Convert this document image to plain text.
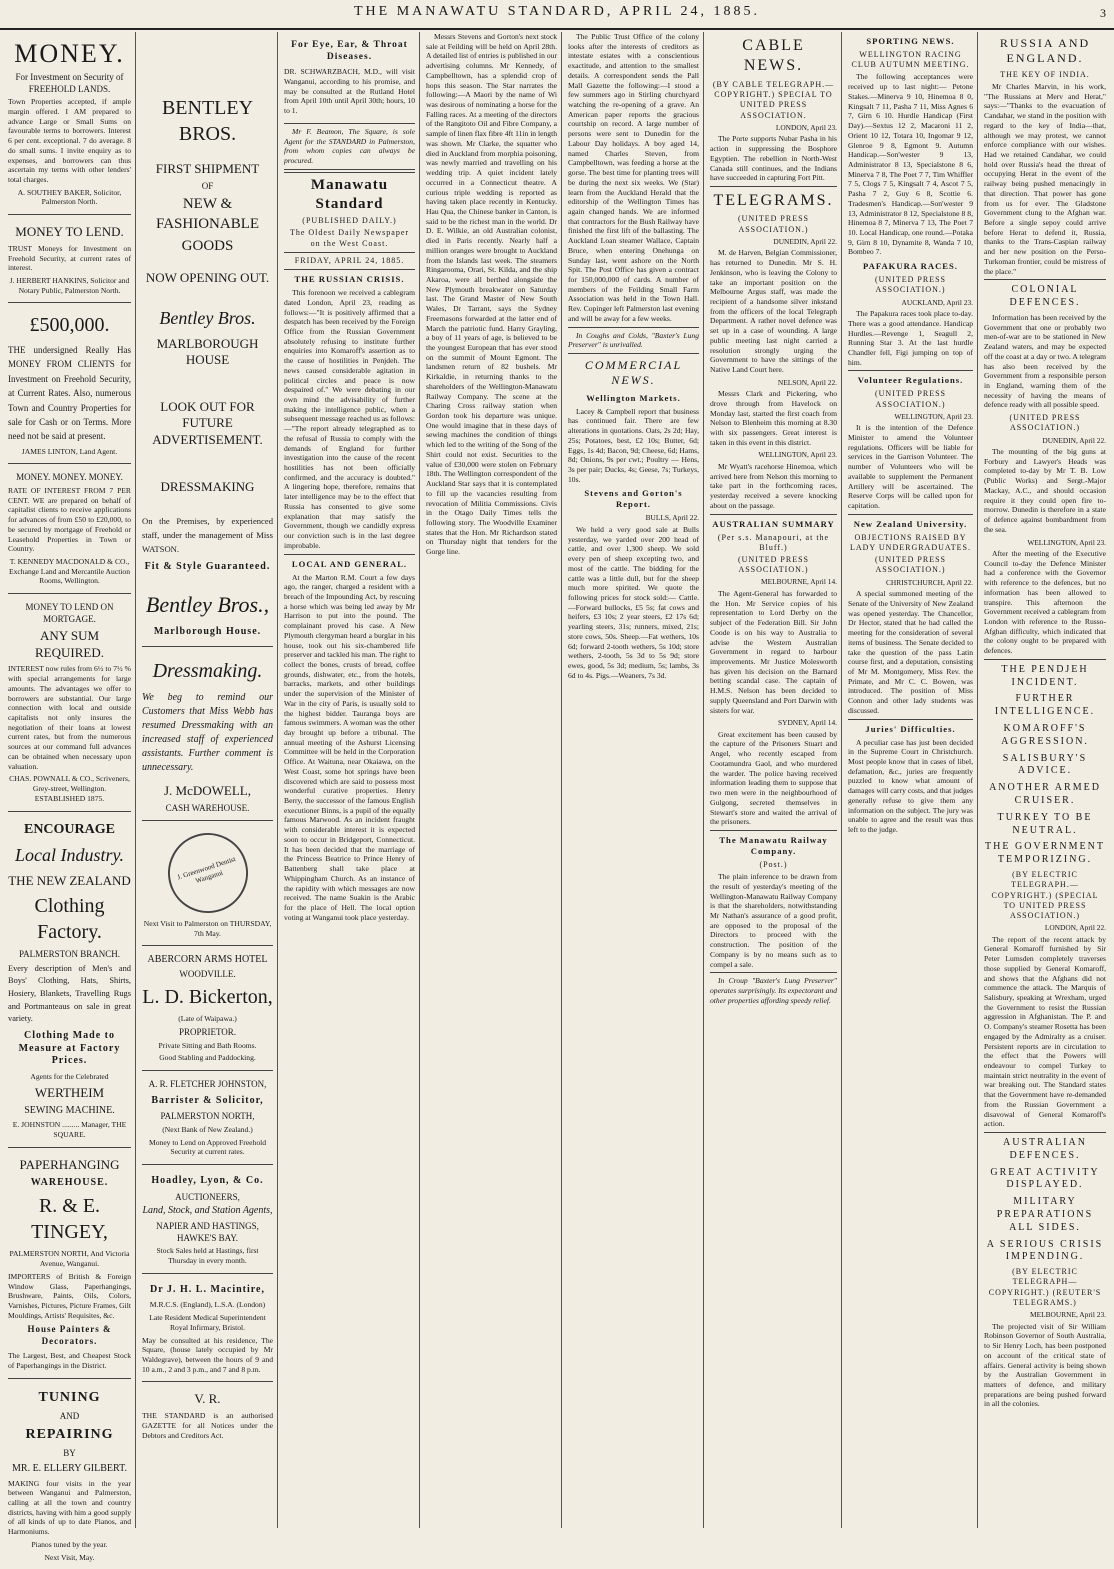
THE MANAWATU STANDARD, APRIL 24, 1885.	3
MONEY.

For Investment on Security of FREEHOLD LANDS.

Town Properties accepted, if ample margin offered. I AM prepared to advance Large or Small Sums on favourable terms to borrowers. Interest 6 per cent. exceptional. 7 do average. 8 do small sums. I invite enquiry as to expenses, and borrowers can thus ascertain my terms with other lenders' total charges.

A. SOUTHEY BAKER, Solicitor, Palmerston North.

MONEY TO LEND.

TRUST Moneys for Investment on Freehold Security, at current rates of interest.

J. HERBERT HANKINS, Solicitor and Notary Public, Palmerston North.

£500,000.

THE undersigned Really Has MONEY FROM CLIENTS for Investment on Freehold Security, at Current Rates. Also, numerous Town and Country Properties for sale for Cash or on Terms. More need not be said at present.

JAMES LINTON, Land Agent.

MONEY. MONEY. MONEY.

RATE OF INTEREST FROM 7 PER CENT. WE are prepared on behalf of capitalist clients to receive applications for advances of from £50 to £20,000, to be secured by mortgage of Freehold or Leasehold Properties in Town or Country.

T. KENNEDY MACDONALD & CO., Exchange Land and Mercantile Auction Rooms, Wellington.

MONEY TO LEND ON MORTGAGE.
ANY SUM REQUIRED.

INTEREST now rules from 6½ to 7½ % with special arrangements for large amounts. The advantages we offer to borrowers are substantial. Our large connection with local and outside capitalists not only insures the negotiation of their loans at lowest current rates, but from the numerous sources at our command full advances can be obtained when necessary upon valuation.

CHAS. POWNALL & CO., Scriveners, Grey-street, Wellington. ESTABLISHED 1875.

ENCOURAGE
Local Industry.
THE NEW ZEALAND
Clothing Factory.
PALMERSTON BRANCH.

Every description of Men's and Boys' Clothing, Hats, Shirts, Hosiery, Blankets, Travelling Rugs and Portmanteaus on sale in great variety.

Clothing Made to Measure at Factory Prices.

Agents for the Celebrated

WERTHEIM
SEWING MACHINE.

E. JOHNSTON ......... Manager, THE SQUARE.

PAPERHANGING
WAREHOUSE.
R. & E. TINGEY,

PALMERSTON NORTH, And Victoria Avenue, Wanganui.

IMPORTERS of British & Foreign Window Glass, Paperhangings, Brushware, Paints, Oils, Colors, Varnishes, Pictures, Picture Frames, Gilt Mouldings, Artists' Requisites, &c.

House Painters & Decorators.

The Largest, Best, and Cheapest Stock of Paperhangings in the District.

TUNING
AND
REPAIRING
BY
MR. E. ELLERY GILBERT.

MAKING four visits in the year between Wanganui and Palmerston, calling at all the town and country districts, having with him a good supply of all kinds of up to date Pianos, and Harmoniums.

Pianos tuned by the year.

Next Visit, May.

BENTLEY BROS.
FIRST SHIPMENT
OF
NEW & FASHIONABLE
GOODS
NOW OPENING OUT.
Bentley Bros.
MARLBOROUGH HOUSE
LOOK OUT FOR FUTURE ADVERTISEMENT.
DRESSMAKING

On the Premises, by experienced staff, under the management of Miss WATSON.

Fit & Style Guaranteed.
Bentley Bros.,
Marlborough House.
Dressmaking.

We beg to remind our Customers that Miss Webb has resumed Dressmaking with an increased staff of experienced assistants. Further comment is unnecessary.

J. McDOWELL,
CASH WAREHOUSE.
J. Greenwood Dentist Wanganui

Next Visit to Palmerston on THURSDAY, 7th May.

ABERCORN ARMS HOTEL
WOODVILLE.
L. D. Bickerton,

(Late of Waipawa.)

PROPRIETOR.

Private Sitting and Bath Rooms.

Good Stabling and Paddocking.

A. R. FLETCHER JOHNSTON,
Barrister & Solicitor,
PALMERSTON NORTH,

(Next Bank of New Zealand.)

Money to Lend on Approved Freehold Security at current rates.

Hoadley, Lyon, & Co.
AUCTIONEERS,

Land, Stock, and Station Agents,

NAPIER AND HASTINGS, HAWKE'S BAY.

Stock Sales held at Hastings, first Thursday in every month.

Dr J. H. L. Macintire,

M.R.C.S. (England), L.S.A. (London)

Late Resident Medical Superintendent Royal Infirmary, Bristol.

May be consulted at his residence, The Square, (house lately occupied by Mr Waldegrave), between the hours of 9 and 10 a.m., 2 and 3 p.m., and 7 and 8 p.m.

V. R.

THE STANDARD is an authorised GAZETTE for all Notices under the Debtors and Creditors Act.

For Eye, Ear, & Throat Diseases.

DR. SCHWARZBACH, M.D., will visit Wanganui, according to his promise, and may be consulted at the Rutland Hotel from April 10th until April 30th; hours, 10 to 1.

Mr F. Beamon, The Square, is sole Agent for the STANDARD in Palmerston, from whom copies can always be procured.

Manawatu Standard
(PUBLISHED DAILY.)
The Oldest Daily Newspaper on the West Coast.
FRIDAY, APRIL 24, 1885.
THE RUSSIAN CRISIS.

This forenoon we received a cablegram dated London, April 23, reading as follows:—"It is positively affirmed that a despatch has been received by the Foreign Office from the Russian Government absolutely refusing to institute further enquiries into Komaroff's assertion as to the cause of hostilities in Penjdeh. The news caused considerable agitation in political circles and peace is now despaired of." We were debating in our own mind the advisability of further making the intelligence public, when a subsequent message reached us as follows:—"The report already telegraphed as to the refusal of Russia to comply with the demands of England for further investigation into the cause of the recent hostilities has not been officially confirmed, and the accuracy is doubted." A lingering hope, therefore, remains that later intelligence may be to the effect that Russia has consented to give some explanation that may satisfy the Government, though we candidly express our conviction such is in the last degree improbable.

LOCAL AND GENERAL.

At the Marton R.M. Court a few days ago, the ranger, charged a resident with a breach of the Impounding Act, by rescuing a horse which was being led away by Mr Harrison to put into the pound. The complainant proved his case. A New Plymouth clergyman heard a burglar in his house, took out his six-chambered life preserver and tackled his man. The right to collect the bones, crusts of bread, coffee grounds, dishwater, etc., from the hotels, barracks, markets, and other buildings under the supervision of the Minister of War in the city of Paris, is usually sold to the highest bidder. Tauranga boys are famous swimmers. A woman was the other day brought up before a tribunal. The annual meeting of the Ashurst Licensing Committee will be held in the Corporation Office. At Waituna, near Okaiawa, on the West Coast, some hot springs have been discovered which are said to possess most wonderful curative properties. Henry Berry, the successor of the famous English executioner Binns, is a pupil of the equally famous Marwood. As an incident fraught with considerable interest it is expected soon to occur in Bridgeport, Connecticut. It has been decided that the marriage of the Princess Beatrice to Prince Henry of Battenberg shall take place at Whippingham Church. As an instance of the rapidity with which messages are now received. The name Suakin is the Arabic for the place of Hell. The local option voting at Wanganui took place yesterday.

Messrs Stevens and Gorton's next stock sale at Feilding will be held on April 28th. A detailed list of entries is published in our advertising columns. Mr Kennedy, of Campbelltown, has a splendid crop of hops this season. The Star narrates the following:—A Maori by the name of Wi was desirous of nominating a horse for the Falling races. At a meeting of the directors of the Rangitoto Oil and Fibre Company, a sample of linen flax fibre 4ft 11in in length was shown. Mr Clarke, the squatter who died in Auckland from morphia poisoning, was newly married and travelling on his wedding trip. A quiet incident lately occurred in a Connecticut theatre. A curious triple wedding is reported as having taken place recently in Kentucky. Hau Qua, the Chinese banker in Canton, is said to be the richest man in the world. Dr D. E. Wilkie, an old Australian colonist, died in Paris recently. Nearly half a million oranges were brought to Auckland from the Islands last week. The steamers Ringarooma, Orari, St. Kilda, and the ship Akaroa, were all berthed alongside the New Plymouth breakwater on Saturday last. The Grand Master of New South Wales, Dr Tarrant, says the Sydney Freemasons forwarded at the latter end of March the patriotic fund. Harry Grayling, a boy of 11 years of age, is believed to be the youngest European that has ever stood on the summit of Mount Egmont. The landsmen return of 82 bushels. Mr Kirkaldie, in returning thanks to the shareholders of the Wellington-Manawatu Railway Company. The scene at the Charing Cross railway station when Gordon took his departure was unique. One would imagine that in these days of sewing machines the condition of things which led to the writing of the Song of the Shirt could not exist. Securities to the value of £30,000 were stolen on February 18th. The Wellington correspondent of the Auckland Star says that it is contemplated to fill up the vacancies resulting from revocation of Militia Commissions. Civis in the Otago Daily Times tells the following story. The Woodville Examiner states that the Hon. Mr Richardson stated on Thursday night that tenders for the Gorge line.

The Public Trust Office of the colony looks after the interests of creditors as intestate estates with a conscientious exactitude, and attention to the smallest details. A correspondent sends the Pall Mall Gazette the following:—I stood a few summers ago in Stirling churchyard watching the re-opening of a grave. An American paper reports the gracious courtship on record. A large number of persons were sent to Dunedin for the Labour Day holidays. A boy aged 14, named Charles Steven, from Campbelltown, was feeding a horse at the gorse. The best time for planting trees will be during the next six weeks. We (Star) learn from the Auckland Herald that the editorship of the Wellington Times has again changed hands. We are informed that contractors for the Bush Railway have finished the first lift of the ballasting. The Auckland Loan steamer Wallace, Captain Bruce, when entering Onehunga on Sunday last, went ashore on the North Spit. The Post Office has given a contract for 150,000,000 of cards. A number of members of the Feilding Small Farm Association was held in the Town Hall. Rev. Copinger left Palmerston last evening and will be away for a few weeks.

In Coughs and Colds, "Baxter's Lung Preserver" is unrivalled.

COMMERCIAL NEWS.
Wellington Markets.

Lacey & Campbell report that business has continued fair. There are few alterations in quotations. Oats, 2s 2d; Hay, 25s; Potatoes, best, £2 10s; Butter, 6d; Eggs, 1s 4d; Bacon, 9d; Cheese, 6d; Hams, 8d; Onions, 9s per cwt.; Poultry — Hens, 3s per pair; Ducks, 4s; Geese, 7s; Turkeys, 10s.

Stevens and Gorton's Report.
BULLS, April 22.

We held a very good sale at Bulls yesterday, we yarded over 200 head of cattle, and over 1,300 sheep. We sold every pen of sheep excepting two, and most of the cattle. The bidding for the cattle was a little dull, but for the sheep much more spirited. We quote the following prices for stock sold:— Cattle.—Forward bullocks, £5 5s; fat cows and heifers, £3 10s; 2 year steers, £2 17s 6d; yearling steers, 31s; runners, mixed, 21s; store cows, 50s. Sheep.—Fat wethers, 10s 6d; forward 2-tooth wethers, 5s 10d; store wethers, 2-tooth, 5s 3d to 5s 9d; store ewes, good, 5s 3d; medium, 5s; lambs, 3s 6d to 4s. Pigs.—Weaners, 7s 3d.

CABLE NEWS.
(BY CABLE TELEGRAPH.—COPYRIGHT.) SPECIAL TO UNITED PRESS ASSOCIATION.
LONDON, April 23.

The Porte supports Nubar Pasha in his action in suppressing the Bosphore Egyptien. The rebellion in North-West Canada still continues, and the Indians have succeeded in capturing Fort Pitt.

TELEGRAMS.
(UNITED PRESS ASSOCIATION.)
DUNEDIN, April 22.

M. de Harven, Belgian Commissioner, has returned to Dunedin. Mr S. H. Jenkinson, who is leaving the Colony to take an important position on the Melbourne Argus staff, was made the recipient of a handsome silver inkstand from the officers of the local Telegraph Department. A rather novel defence was set up in a case of wounding. A large public meeting last night carried a resolution strongly urging the Government to have the sittings of the Native Land Court here.

NELSON, April 22.

Messrs Clark and Pickering, who drove through from Havelock on Monday last, started the first coach from Nelson to Blenheim this morning at 8.30 with six passengers. Great interest is taken in this event in this district.

WELLINGTON, April 23.

Mr Wyatt's racehorse Hinemoa, which arrived here from Nelson this morning to take part in the forthcoming races, yesterday received a severe knocking about on the passage.

AUSTRALIAN SUMMARY
(Per s.s. Manapouri, at the Bluff.)
(UNITED PRESS ASSOCIATION.)
MELBOURNE, April 14.

The Agent-General has forwarded to the Hon. Mr Service copies of his representation to Lord Derby on the subject of the Federation Bill. Sir John Coode is on his way to Australia to advise the Western Australian Government in regard to harbour improvements. Mr Justice Molesworth has given his decision on the Barnard betting scandal case. The captain of H.M.S. Nelson has been decided to supply Queensland and Port Darwin with sisters for war.

SYDNEY, April 14.

Great excitement has been caused by the capture of the Prisoners Stuart and Angel, who recently escaped from Cootamundra Gaol, and who murdered the warder. The police having received information leading them to suppose that two men were in the neighbourhood of Gulgong, secreted themselves in Stewart's store and waited the arrival of the prisoners.

The Manawatu Railway Company.
(Post.)

The plain inference to be drawn from the result of yesterday's meeting of the Wellington-Manawatu Railway Company is that the shareholders, notwithstanding Mr Nathan's assurance of a good profit, are opposed to the proposal of the Directors to proceed with the construction. The position of the Company is by no means such as to compel a sale.

In Croup "Baxter's Lung Preserver" operates surprisingly. Its expectorant and other properties affording speedy relief.

SPORTING NEWS.
WELLINGTON RACING CLUB AUTUMN MEETING.

The following acceptances were received up to last night:— Petone Stakes.—Minerva 9 10, Hinemoa 8 0, Kingsalt 7 11, Pasha 7 11, Miss Agnes 6 7, Girn 6 10. Hurdle Handicap (First Day).—Sextus 12 2, Macaroni 11 2, Orient 10 12, Totara 10, Ingomar 9 12, Glenroe 9 8, Egmont 9. Autumn Handicap.—Son'wester 9 13, Administrator 8 13, Specialstone 8 6, Minerva 7 8, The Poet 7 7, Tim Whiffler 7 5, Clogs 7 5, Kingsalt 7 4, Ascot 7 5, Pasha 7 2, Guy 6 8, Scottie 6. Tradesmen's Handicap.—Son'wester 9 13, Administrator 8 12, Specialstone 8 8, Hinemoa 8 7, Minerva 7 13, The Poet 7 10. Local Handicap, one round.—Potaka 9, Girn 8 10, Dynamite 8, Wanda 7 10, Bombeo 7.

PAFAKURA RACES.
(UNITED PRESS ASSOCIATION.)
AUCKLAND, April 23.

The Papakura races took place to-day. There was a good attendance. Handicap Hurdles.—Revenge 1, Seagull 2, Running Star 3. At the last hurdle Chandler fell, Figi jumping on top of him.

Volunteer Regulations.
(UNITED PRESS ASSOCIATION.)
WELLINGTON, April 23.

It is the intention of the Defence Minister to amend the Volunteer regulations. Officers will be liable for services in the Garrison Volunteer. The number of Volunteers who will be available to supplement the Permanent Artillery will be ascertained. The Reserve Corps will be called upon for capitation.

New Zealand University.
OBJECTIONS RAISED BY LADY UNDERGRADUATES.
(UNITED PRESS ASSOCIATION.)
CHRISTCHURCH, April 22.

A special summoned meeting of the Senate of the University of New Zealand was opened yesterday. The Chancellor, Dr Hector, stated that he had called the meeting for the consideration of several items of business. The Senate decided to take the question of the pass Latin course first, and a deputation, consisting of Mr M. Montgomery, Miss Rev. the Primate, and Mr C. C. Bowen, was introduced. The position of Miss Connon and other lady students was discussed.

Juries' Difficulties.

A peculiar case has just been decided in the Supreme Court in Christchurch. Most people know that in cases of libel, defamation, &c., juries are frequently puzzled to know what amount of damages will carry costs, and that judges generally refuse to give them any information on the subject. The jury was unable to agree and the result was thus left to the judge.

RUSSIA AND ENGLAND.
THE KEY OF INDIA.

Mr Charles Marvin, in his work, "The Russians at Merv and Herat," says:—"Thanks to the evacuation of Candahar, we stand in the position with regard to the key of India—that, although we may protest, we cannot enforce compliance with our wishes. Had we retained Candahar, we could hold over Russia's head the threat of occupying Herat in the event of the railway being pushed menacingly in that direction. That power has gone from us for ever. The Gladstone Government clung to the Afghan war. Before a single sepoy could arrive before Herat to defend it, Russia, thanks to the Trans-Caspian railway and her new position on the Perso-Turkoman frontier, could be mistress of the place."

COLONIAL DEFENCES.

Information has been received by the Government that one or probably two men-of-war are to be stationed in New Zealand waters, and may be expected off the coast at a day or two. A telegram has also been received by the Government from a responsible person in England, warning them of the necessity of having the means of defence ready with all possible speed.

(UNITED PRESS ASSOCIATION.)
DUNEDIN, April 22.

The mounting of the big guns at Forbury and Lawyer's Heads was completed to-day by Mr T. B. Low (Public Works) and Sergt.-Major Mackay, A.C., and should occasion require it they could open fire to-morrow. Dunedin is therefore in a state of defence against bombardment from the sea.

WELLINGTON, April 23.

After the meeting of the Executive Council to-day the Defence Minister had a conference with the Governor with reference to the defences, but no information has been allowed to transpire. This afternoon the Government received a cablegram from London with reference to the Russo-Afghan difficulty, which indicated that the colony ought to be prepared with defences.

THE PENDJEH INCIDENT.
FURTHER INTELLIGENCE.
KOMAROFF'S AGGRESSION.
SALISBURY'S ADVICE.
ANOTHER ARMED CRUISER.
TURKEY TO BE NEUTRAL.
THE GOVERNMENT TEMPORIZING.
(BY ELECTRIC TELEGRAPH.—COPYRIGHT.) (SPECIAL TO UNITED PRESS ASSOCIATION.)
LONDON, April 22.

The report of the recent attack by General Komaroff furnished by Sir Peter Lumsden completely traverses those supplied by General Komaroff, and shows that the Afghans did not commence the attack. The Marquis of Salisbury, speaking at Wrexham, urged the Government to resist the Russian aggression in Afghanistan. The P. and O. Company's steamer Rosetta has been engaged by the Admiralty as a cruiser. Persistent reports are in circulation to the effect that the Powers will endeavour to compel Turkey to maintain strict neutrality in the event of war breaking out. The Standard states that the Government have re-demanded from the Russian Government a disavowal of General Komaroff's action.

AUSTRALIAN DEFENCES.
GREAT ACTIVITY DISPLAYED.
MILITARY PREPARATIONS ALL SIDES.
A SERIOUS CRISIS IMPENDING.
(BY ELECTRIC TELEGRAPH—COPYRIGHT.) (REUTER'S TELEGRAMS.)
MELBOURNE, April 23.

The projected visit of Sir William Robinson Governor of South Australia, to Sir Henry Loch, has been postponed on account of the critical state of affairs. General activity is being shown by the Australian Government in matters of defence, and military preparations are being pushed forward in all the colonies.
